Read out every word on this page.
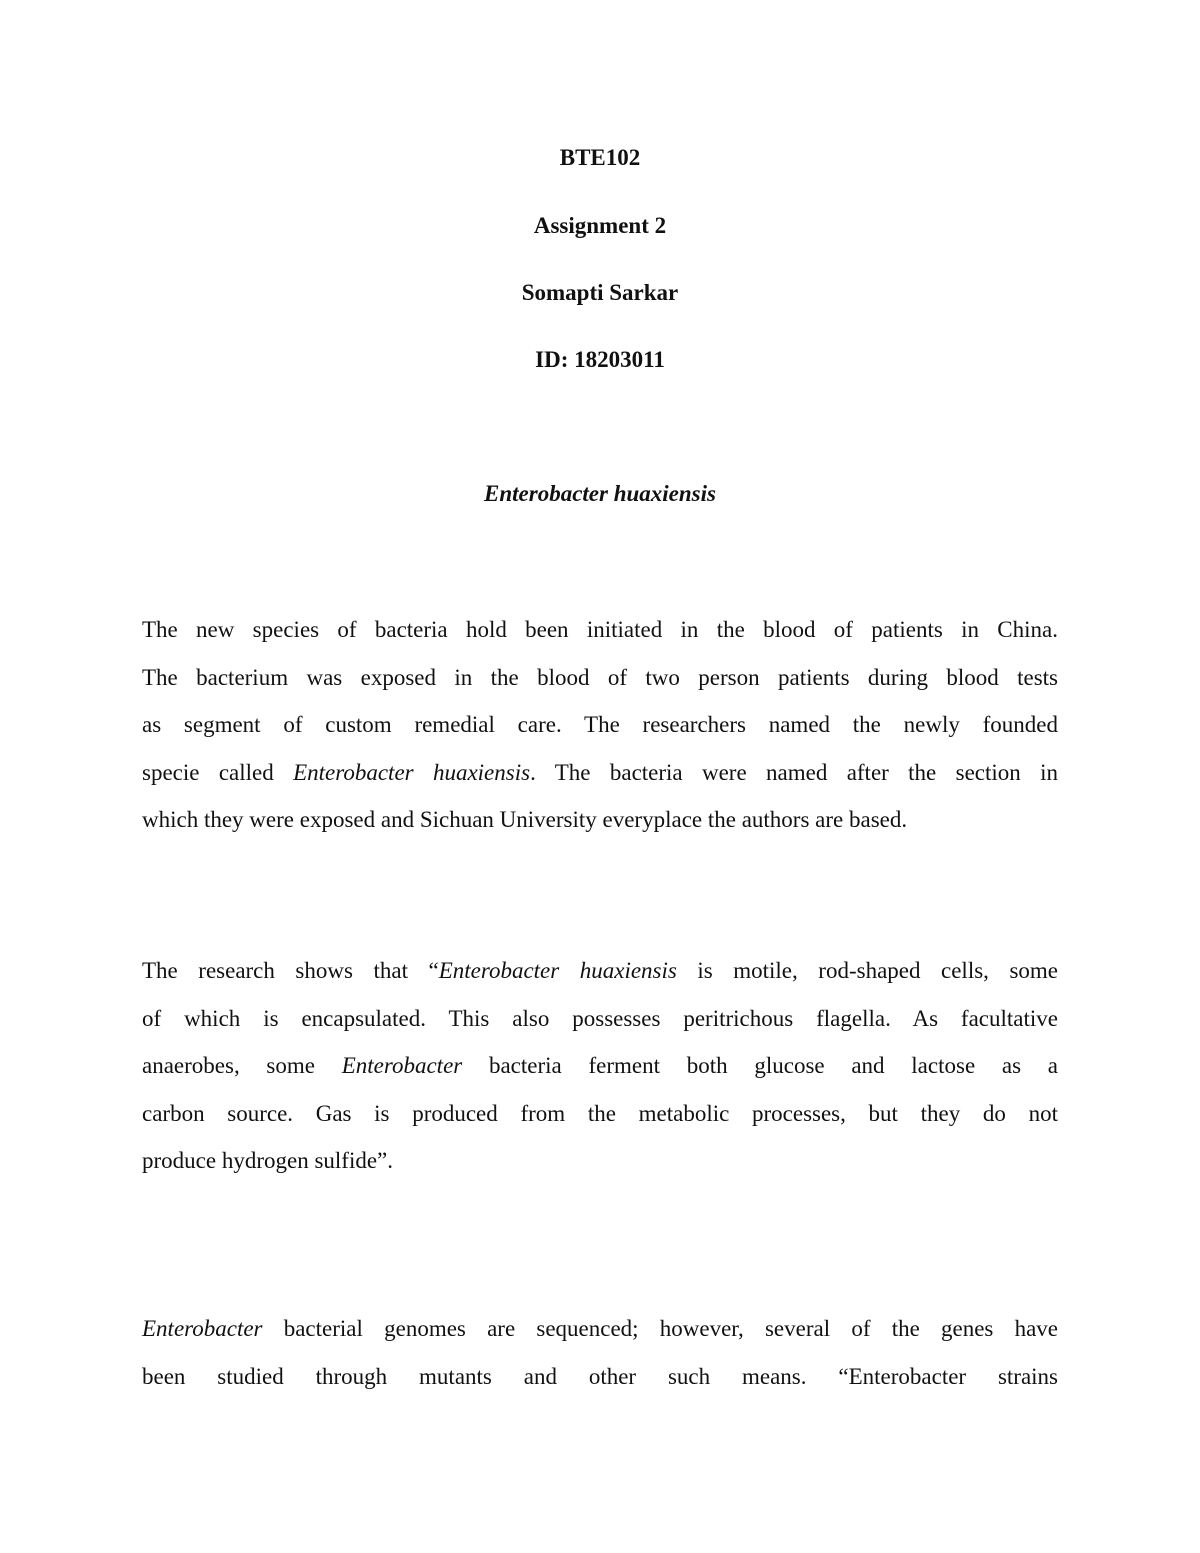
BTE102
Assignment 2
Somapti Sarkar
ID: 18203011
Enterobacter huaxiensis
The new species of bacteria hold been initiated in the blood of patients in China.
The bacterium was exposed in the blood of two person patients during blood tests
as segment of custom remedial care. The researchers named the newly founded
specie called Enterobacter huaxiensis. The bacteria were named after the section in
which they were exposed and Sichuan University everyplace the authors are based.
The research shows that “Enterobacter huaxiensis is motile, rod-shaped cells, some
of which is encapsulated. This also possesses peritrichous flagella. As facultative
anaerobes, some Enterobacter bacteria ferment both glucose and lactose as a
carbon source. Gas is produced from the metabolic processes, but they do not
produce hydrogen sulfide”.
Enterobacter bacterial genomes are sequenced; however, several of the genes have
been studied through mutants and other such means. “Enterobacter strains
